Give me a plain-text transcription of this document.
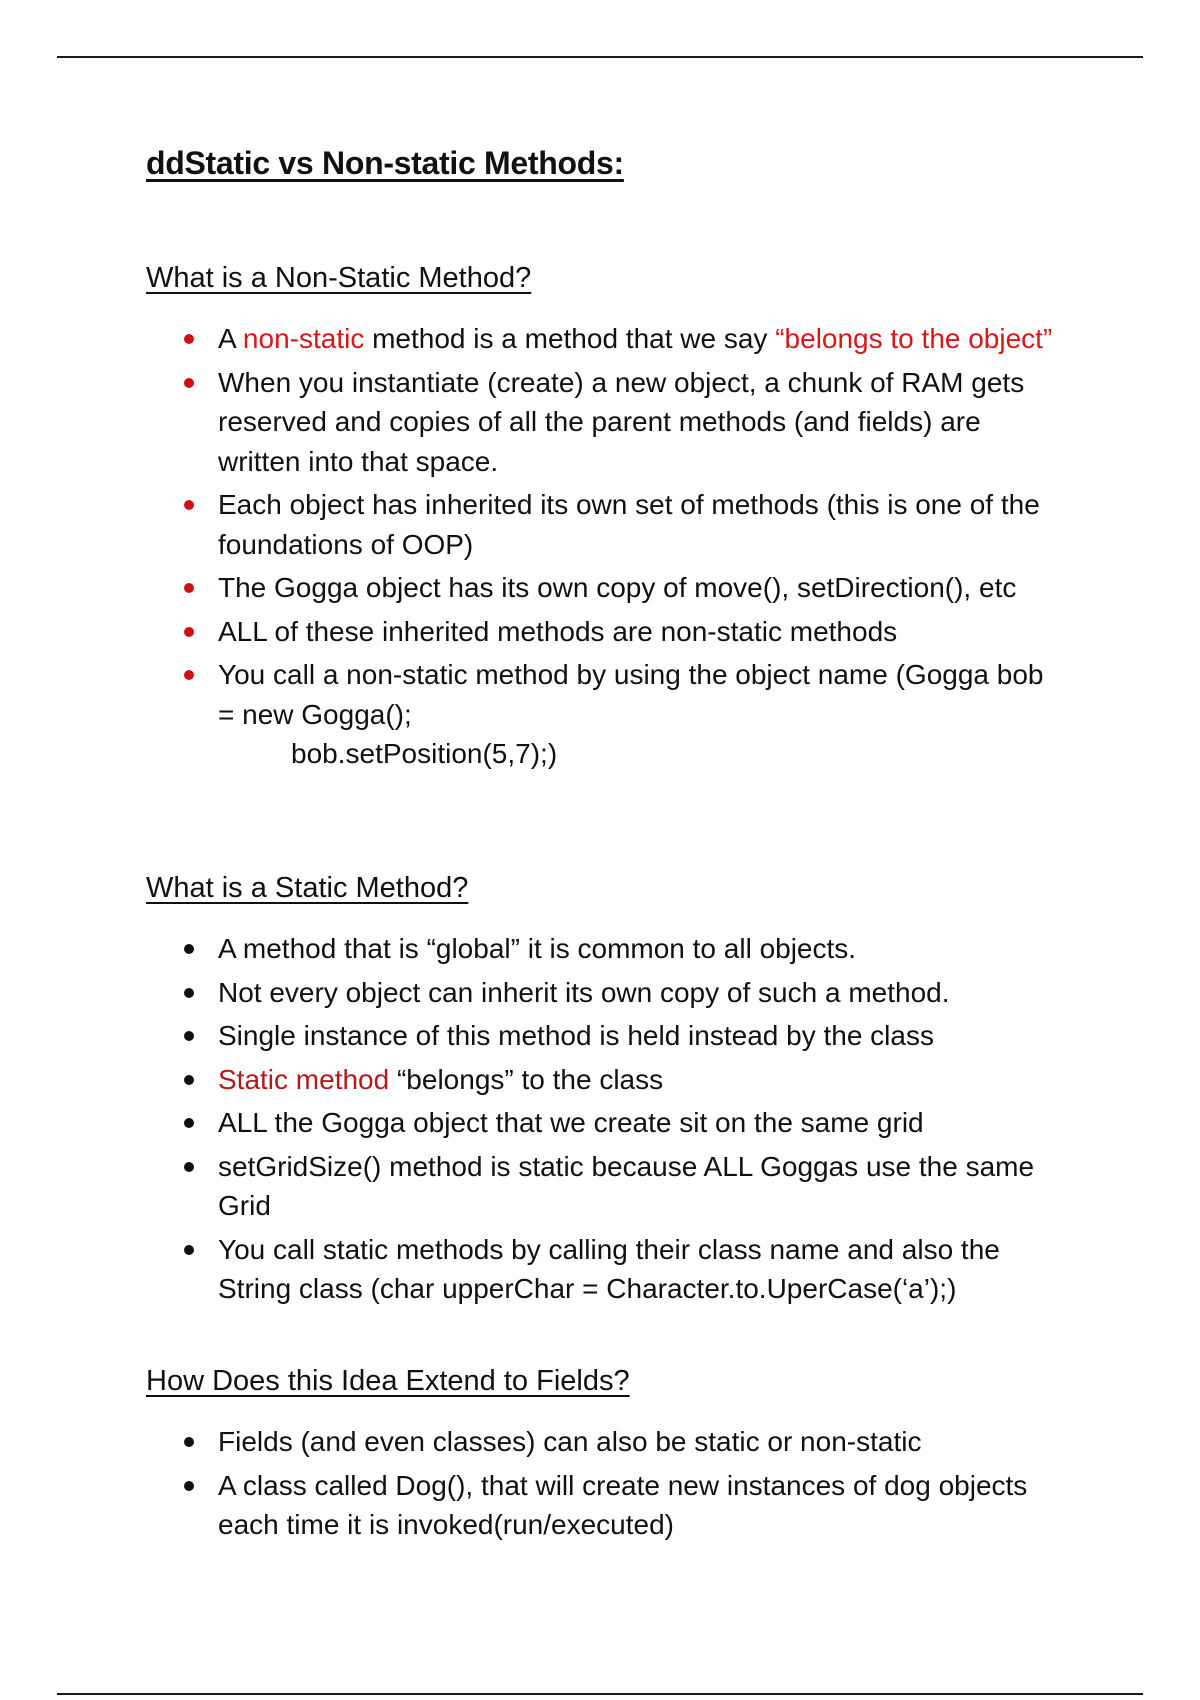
ddStatic vs Non-static Methods:
What is a Non-Static Method?
A non-static method is a method that we say “belongs to the object”
When you instantiate (create) a new object, a chunk of RAM gets reserved and copies of all the parent methods (and fields) are written into that space.
Each object has inherited its own set of methods (this is one of the foundations of OOP)
The Gogga object has its own copy of move(), setDirection(), etc
ALL of these inherited methods are non-static methods
You call a non-static method by using the object name (Gogga bob = new Gogga();
bob.setPosition(5,7);)
What is a Static Method?
A method that is “global” it is common to all objects.
Not every object can inherit its own copy of such a method.
Single instance of this method is held instead by the class
Static method “belongs” to the class
ALL the Gogga object that we create sit on the same grid
setGridSize() method is static because ALL Goggas use the same Grid
You call static methods by calling their class name and also the String class (char upperChar = Character.to.UperCase(‘a’);)
How Does this Idea Extend to Fields?
Fields (and even classes) can also be static or non-static
A class called Dog(), that will create new instances of dog objects each time it is invoked(run/executed)
